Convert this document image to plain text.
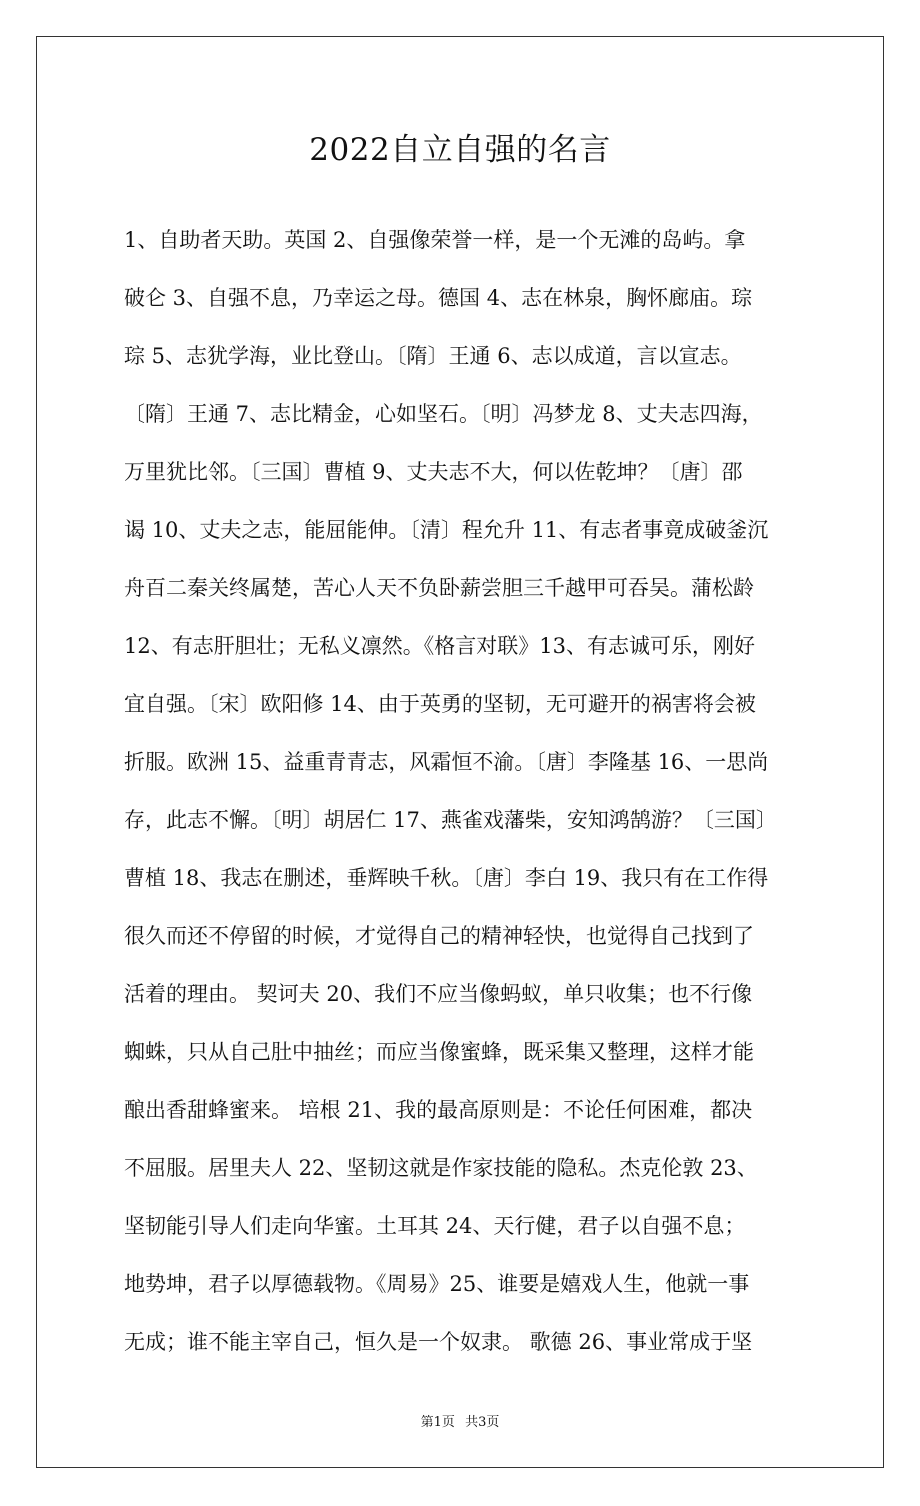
2022自立自强的名言
1、自助者天助。英国 2、自强像荣誉一样，是一个无滩的岛屿。拿
破仑 3、自强不息，乃幸运之母。德国 4、志在林泉，胸怀廊庙。琮
琮 5、志犹学海，业比登山。〔隋〕王通 6、志以成道，言以宣志。
〔隋〕王通 7、志比精金，心如坚石。〔明〕冯梦龙 8、丈夫志四海，
万里犹比邻。〔三国〕曹植 9、丈夫志不大，何以佐乾坤？〔唐〕邵
谒 10、丈夫之志，能屈能伸。〔清〕程允升 11、有志者事竟成破釜沉
舟百二秦关终属楚，苦心人天不负卧薪尝胆三千越甲可吞吴。蒲松龄
12、有志肝胆壮；无私义凛然。《格言对联》13、有志诚可乐，刚好
宜自强。〔宋〕欧阳修 14、由于英勇的坚韧，无可避开的祸害将会被
折服。欧洲 15、益重青青志，风霜恒不渝。〔唐〕李隆基 16、一思尚
存，此志不懈。〔明〕胡居仁 17、燕雀戏藩柴，安知鸿鹄游？〔三国〕
曹植 18、我志在删述，垂辉映千秋。〔唐〕李白 19、我只有在工作得
很久而还不停留的时候，才觉得自己的精神轻快，也觉得自己找到了
活着的理由。 契诃夫 20、我们不应当像蚂蚁，单只收集；也不行像
蜘蛛，只从自己肚中抽丝；而应当像蜜蜂，既采集又整理，这样才能
酿出香甜蜂蜜来。 培根 21、我的最高原则是：不论任何困难，都决
不屈服。居里夫人 22、坚韧这就是作家技能的隐私。杰克伦敦 23、
坚韧能引导人们走向华蜜。土耳其 24、天行健，君子以自强不息；
地势坤，君子以厚德载物。《周易》25、谁要是嬉戏人生，他就一事
无成；谁不能主宰自己，恒久是一个奴隶。 歌德 26、事业常成于坚
第1页 共3页
